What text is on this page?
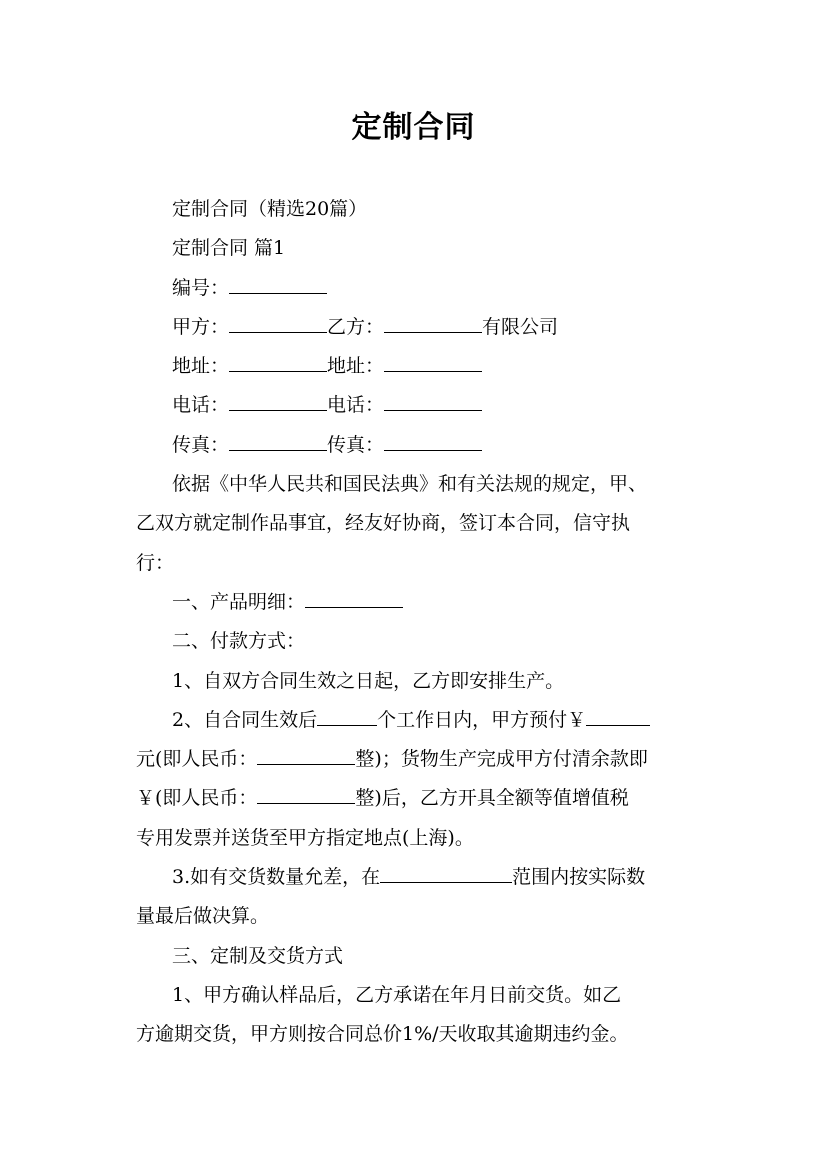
定制合同
定制合同（精选20篇）
定制合同 篇1
编号：
甲方：	乙方：	有限公司
地址：	地址：
电话：	电话：
传真：	传真：
依据《中华人民共和国民法典》和有关法规的规定，甲、
乙双方就定制作品事宜，经友好协商，签订本合同，信守执
行：
一、产品明细：
二、付款方式：
1、自双方合同生效之日起，乙方即安排生产。
2、自合同生效后	个工作日内，甲方预付￥
元(即人民币：	整)；货物生产完成甲方付清余款即
￥(即人民币：	整)后，乙方开具全额等值增值税
专用发票并送货至甲方指定地点(上海)。
3.如有交货数量允差，在	范围内按实际数
量最后做决算。
三、定制及交货方式
1、甲方确认样品后，乙方承诺在年月日前交货。如乙
方逾期交货，甲方则按合同总价1%/天收取其逾期违约金。
